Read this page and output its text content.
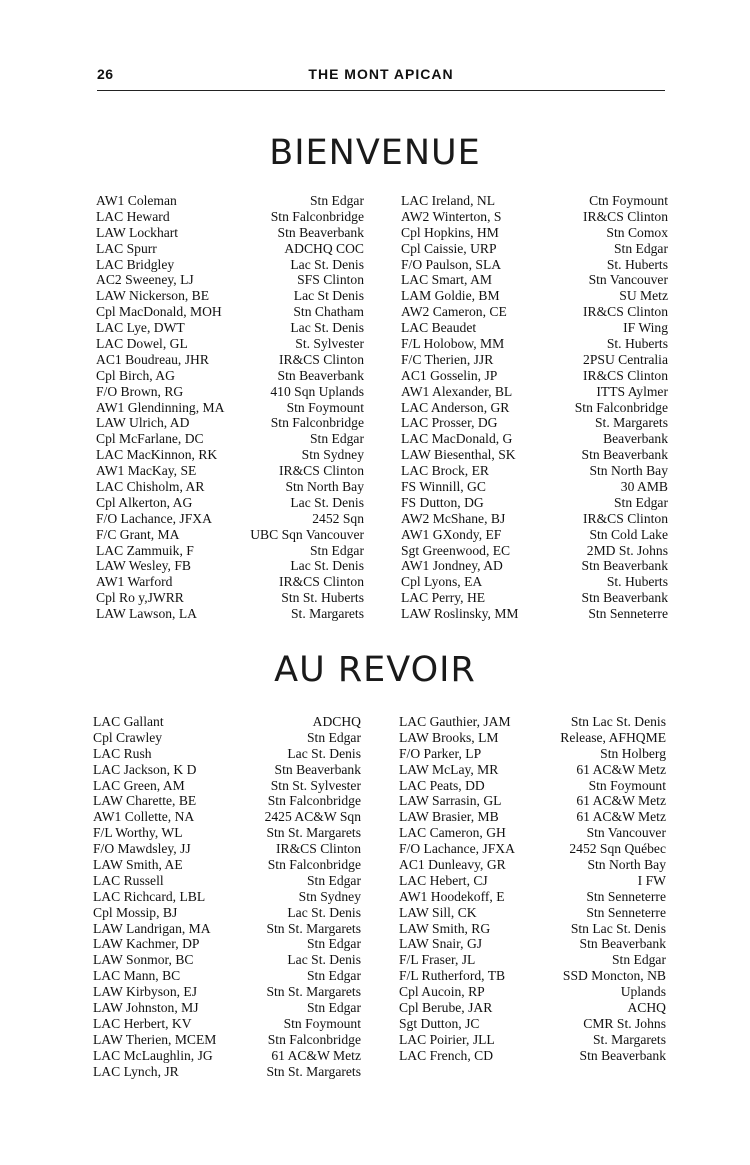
26	THE MONT APICAN
BIENVENUE
AW1 Coleman	Stn Edgar
LAC Heward	Stn Falconbridge
LAW Lockhart	Stn Beaverbank
LAC Spurr	ADCHQ COC
LAC Bridgley	Lac St. Denis
AC2 Sweeney, LJ	SFS Clinton
LAW Nickerson, BE	Lac St Denis
Cpl MacDonald, MOH	Stn Chatham
LAC Lye, DWT	Lac St. Denis
LAC Dowel, GL	St. Sylvester
AC1 Boudreau, JHR	IR&CS Clinton
Cpl Birch, AG	Stn Beaverbank
F/O Brown, RG	410 Sqn Uplands
AW1 Glendinning, MA	Stn Foymount
LAW Ulrich, AD	Stn Falconbridge
Cpl McFarlane, DC	Stn Edgar
LAC MacKinnon, RK	Stn Sydney
AW1 MacKay, SE	IR&CS Clinton
LAC Chisholm, AR	Stn North Bay
Cpl Alkerton, AG	Lac St. Denis
F/O Lachance, JFXA	2452 Sqn
F/C Grant, MA	UBC Sqn Vancouver
LAC Zammuik, F	Stn Edgar
LAW Wesley, FB	Lac St. Denis
AW1 Warford	IR&CS Clinton
Cpl Ro y,JWRR	Stn St. Huberts
LAW Lawson, LA	St. Margarets
LAC Ireland, NL	Ctn Foymount
AW2 Winterton, S	IR&CS Clinton
Cpl Hopkins, HM	Stn Comox
Cpl Caissie, URP	Stn Edgar
F/O Paulson, SLA	St. Huberts
LAC Smart, AM	Stn Vancouver
LAM Goldie, BM	SU Metz
AW2 Cameron, CE	IR&CS Clinton
LAC Beaudet	IF Wing
F/L Holobow, MM	St. Huberts
F/C Therien, JJR	2PSU Centralia
AC1 Gosselin, JP	IR&CS Clinton
AW1 Alexander, BL	ITTS Aylmer
LAC Anderson, GR	Stn Falconbridge
LAC Prosser, DG	St. Margarets
LAC MacDonald, G	Beaverbank
LAW Biesenthal, SK	Stn Beaverbank
LAC Brock, ER	Stn North Bay
FS Winnill, GC	30 AMB
FS Dutton, DG	Stn Edgar
AW2 McShane, BJ	IR&CS Clinton
AW1 GXondy, EF	Stn Cold Lake
Sgt Greenwood, EC	2MD St. Johns
AW1 Jondney, AD	Stn Beaverbank
Cpl Lyons, EA	St. Huberts
LAC Perry, HE	Stn Beaverbank
LAW Roslinsky, MM	Stn Senneterre
AU REVOIR
LAC Gallant	ADCHQ
Cpl Crawley	Stn Edgar
LAC Rush	Lac St. Denis
LAC Jackson, K D	Stn Beaverbank
LAC Green, AM	Stn St. Sylvester
LAW Charette, BE	Stn Falconbridge
AW1 Collette, NA	2425 AC&W Sqn
F/L Worthy, WL	Stn St. Margarets
F/O Mawdsley, JJ	IR&CS Clinton
LAW Smith, AE	Stn Falconbridge
LAC Russell	Stn Edgar
LAC Richcard, LBL	Stn Sydney
Cpl Mossip, BJ	Lac St. Denis
LAW Landrigan, MA	Stn St. Margarets
LAW Kachmer, DP	Stn Edgar
LAW Sonmor, BC	Lac St. Denis
LAC Mann, BC	Stn Edgar
LAW Kirbyson, EJ	Stn St. Margarets
LAW Johnston, MJ	Stn Edgar
LAC Herbert, KV	Stn Foymount
LAW Therien, MCEM	Stn Falconbridge
LAC McLaughlin, JG	61 AC&W Metz
LAC Lynch, JR	Stn St. Margarets
LAC Gauthier, JAM	Stn Lac St. Denis
LAW Brooks, LM	Release, AFHQME
F/O Parker, LP	Stn Holberg
LAW McLay, MR	61 AC&W Metz
LAC Peats, DD	Stn Foymount
LAW Sarrasin, GL	61 AC&W Metz
LAW Brasier, MB	61 AC&W Metz
LAC Cameron, GH	Stn Vancouver
F/O Lachance, JFXA	2452 Sqn Québec
AC1 Dunleavy, GR	Stn North Bay
LAC Hebert, CJ	I FW
AW1 Hoodekoff, E	Stn Senneterre
LAW Sill, CK	Stn Senneterre
LAW Smith, RG	Stn Lac St. Denis
LAW Snair, GJ	Stn Beaverbank
F/L Fraser, JL	Stn Edgar
F/L Rutherford, TB	SSD Moncton, NB
Cpl Aucoin, RP	Uplands
Cpl Berube, JAR	ACHQ
Sgt Dutton, JC	CMR St. Johns
LAC Poirier, JLL	St. Margarets
LAC French, CD	Stn Beaverbank
